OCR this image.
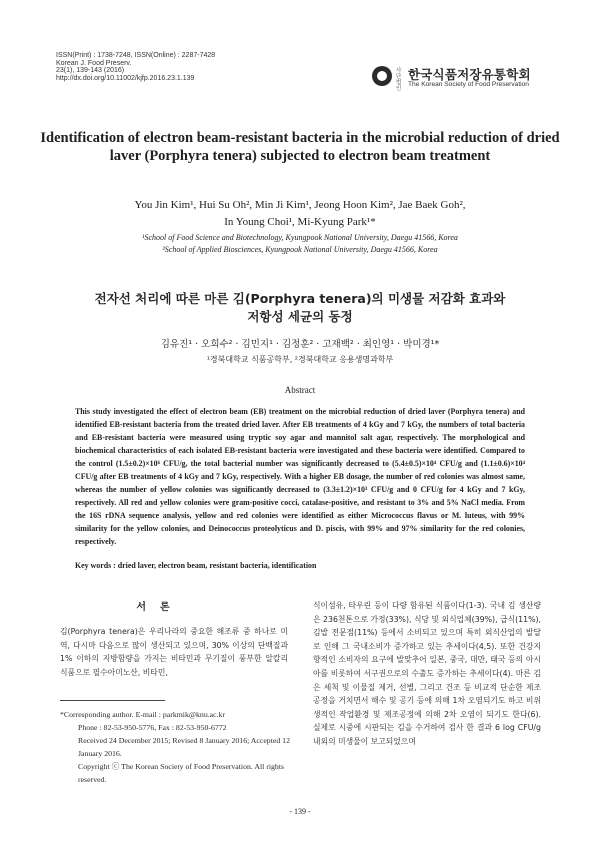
ISSN(Print) : 1738-7248, ISSN(Online) : 2287-7428
Korean J. Food Preserv.
23(1), 139-143 (2016)
http://dx.doi.org/10.11002/kjfp.2016.23.1.139
사단 법인
한국식품저장유통학회
The Korean Society of Food Preservation
Identification of electron beam-resistant bacteria in the microbial reduction of dried laver (Porphyra tenera) subjected to electron beam treatment
You Jin Kim¹, Hui Su Oh², Min Ji Kim¹, Jeong Hoon Kim², Jae Baek Goh²,
In Young Choi¹, Mi-Kyung Park¹*
¹School of Food Science and Biotechnology, Kyungpook National University, Daegu 41566, Korea
²School of Applied Biosciences, Kyungpook National University, Daegu 41566, Korea
전자선 처리에 따른 마른 김(Porphyra tenera)의 미생물 저감화 효과와
저항성 세균의 동정
김유진¹ · 오희수² · 김민지¹ · 김정훈² · 고재백² · 최인영¹ · 박미경¹*
¹경북대학교 식품공학부, ²경북대학교 응용생명과학부
Abstract
This study investigated the effect of electron beam (EB) treatment on the microbial reduction of dried laver (Porphyra tenera) and identified EB-resistant bacteria from the treated dried laver. After EB treatments of 4 kGy and 7 kGy, the numbers of total bacteria and EB-resistant bacteria were measured using tryptic soy agar and mannitol salt agar, respectively. The morphological and biochemical characteristics of each isolated EB-resistant bacteria were investigated and these bacteria were identified. Compared to the control (1.5±0.2)×10⁶ CFU/g, the total bacterial number was significantly decreased to (5.4±0.5)×10⁴ CFU/g and (1.1±0.6)×10⁴ CFU/g after EB treatments of 4 kGy and 7 kGy, respectively. With a higher EB dosage, the number of red colonies was almost same, whereas the number of yellow colonies was significantly decreased to (3.3±1.2)×10³ CFU/g and 0 CFU/g for 4 kGy and 7 kGy, respectively. All red and yellow colonies were gram-positive cocci, catalase-positive, and resistant to 3% and 5% NaCl media. From the 16S rDNA sequence analysis, yellow and red colonies were identified as either Micrococcus flavus or M. luteus, with 99% similarity for the yellow colonies, and Deinococcus proteolyticus and D. piscis, with 99% and 97% similarity for the red colonies, respectively.
Key words : dried laver, electron beam, resistant bacteria, identification
서론
김(Porphyra tenera)은 우리나라의 중요한 해조류 중 하나로 미역, 다시마 다음으로 많이 생산되고 있으며, 30% 이상의 단백질과 1% 이하의 지방함량을 가지는 비타민과 무기질이 풍부한 알칼리 식품으로 필수아미노산, 비타민,
식이섬유, 타우린 등이 다량 함유된 식품이다(1-3). 국내 김 생산량은 236천톤으로 가정(33%), 식당 및 외식업체(39%), 급식(11%), 김밥 전문점(11%) 등에서 소비되고 있으며 특히 외식산업의 발달로 인해 그 국내소비가 증가하고 있는 추세이다(4,5). 또한 건강지향적인 소비자의 요구에 발맞추어 일본, 중국, 대만, 태국 등의 아시아를 비롯하여 서구권으로의 수출도 증가하는 추세이다(4). 마른 김은 세척 및 이물질 제거, 선별, 그리고 건조 등 비교적 단순한 제조공정을 거치면서 해수 및 공기 등에 의해 1차 오염되기도 하고 비위생적인 작업환경 및 제조공정에 의해 2차 오염이 되기도 한다(6). 실제로 시중에 시판되는 김을 수거하여 검사 한 결과 6 log CFU/g 내외의 미생물이 보고되었으며
*Corresponding author. E-mail : parkmik@knu.ac.kr
Phone : 82-53-950-5776, Fax : 82-53-950-6772
Received 24 December 2015; Revised 8 January 2016; Accepted 12 January 2016.
Copyright ⓒ The Korean Society of Food Preservation. All rights reserved.
- 139 -
